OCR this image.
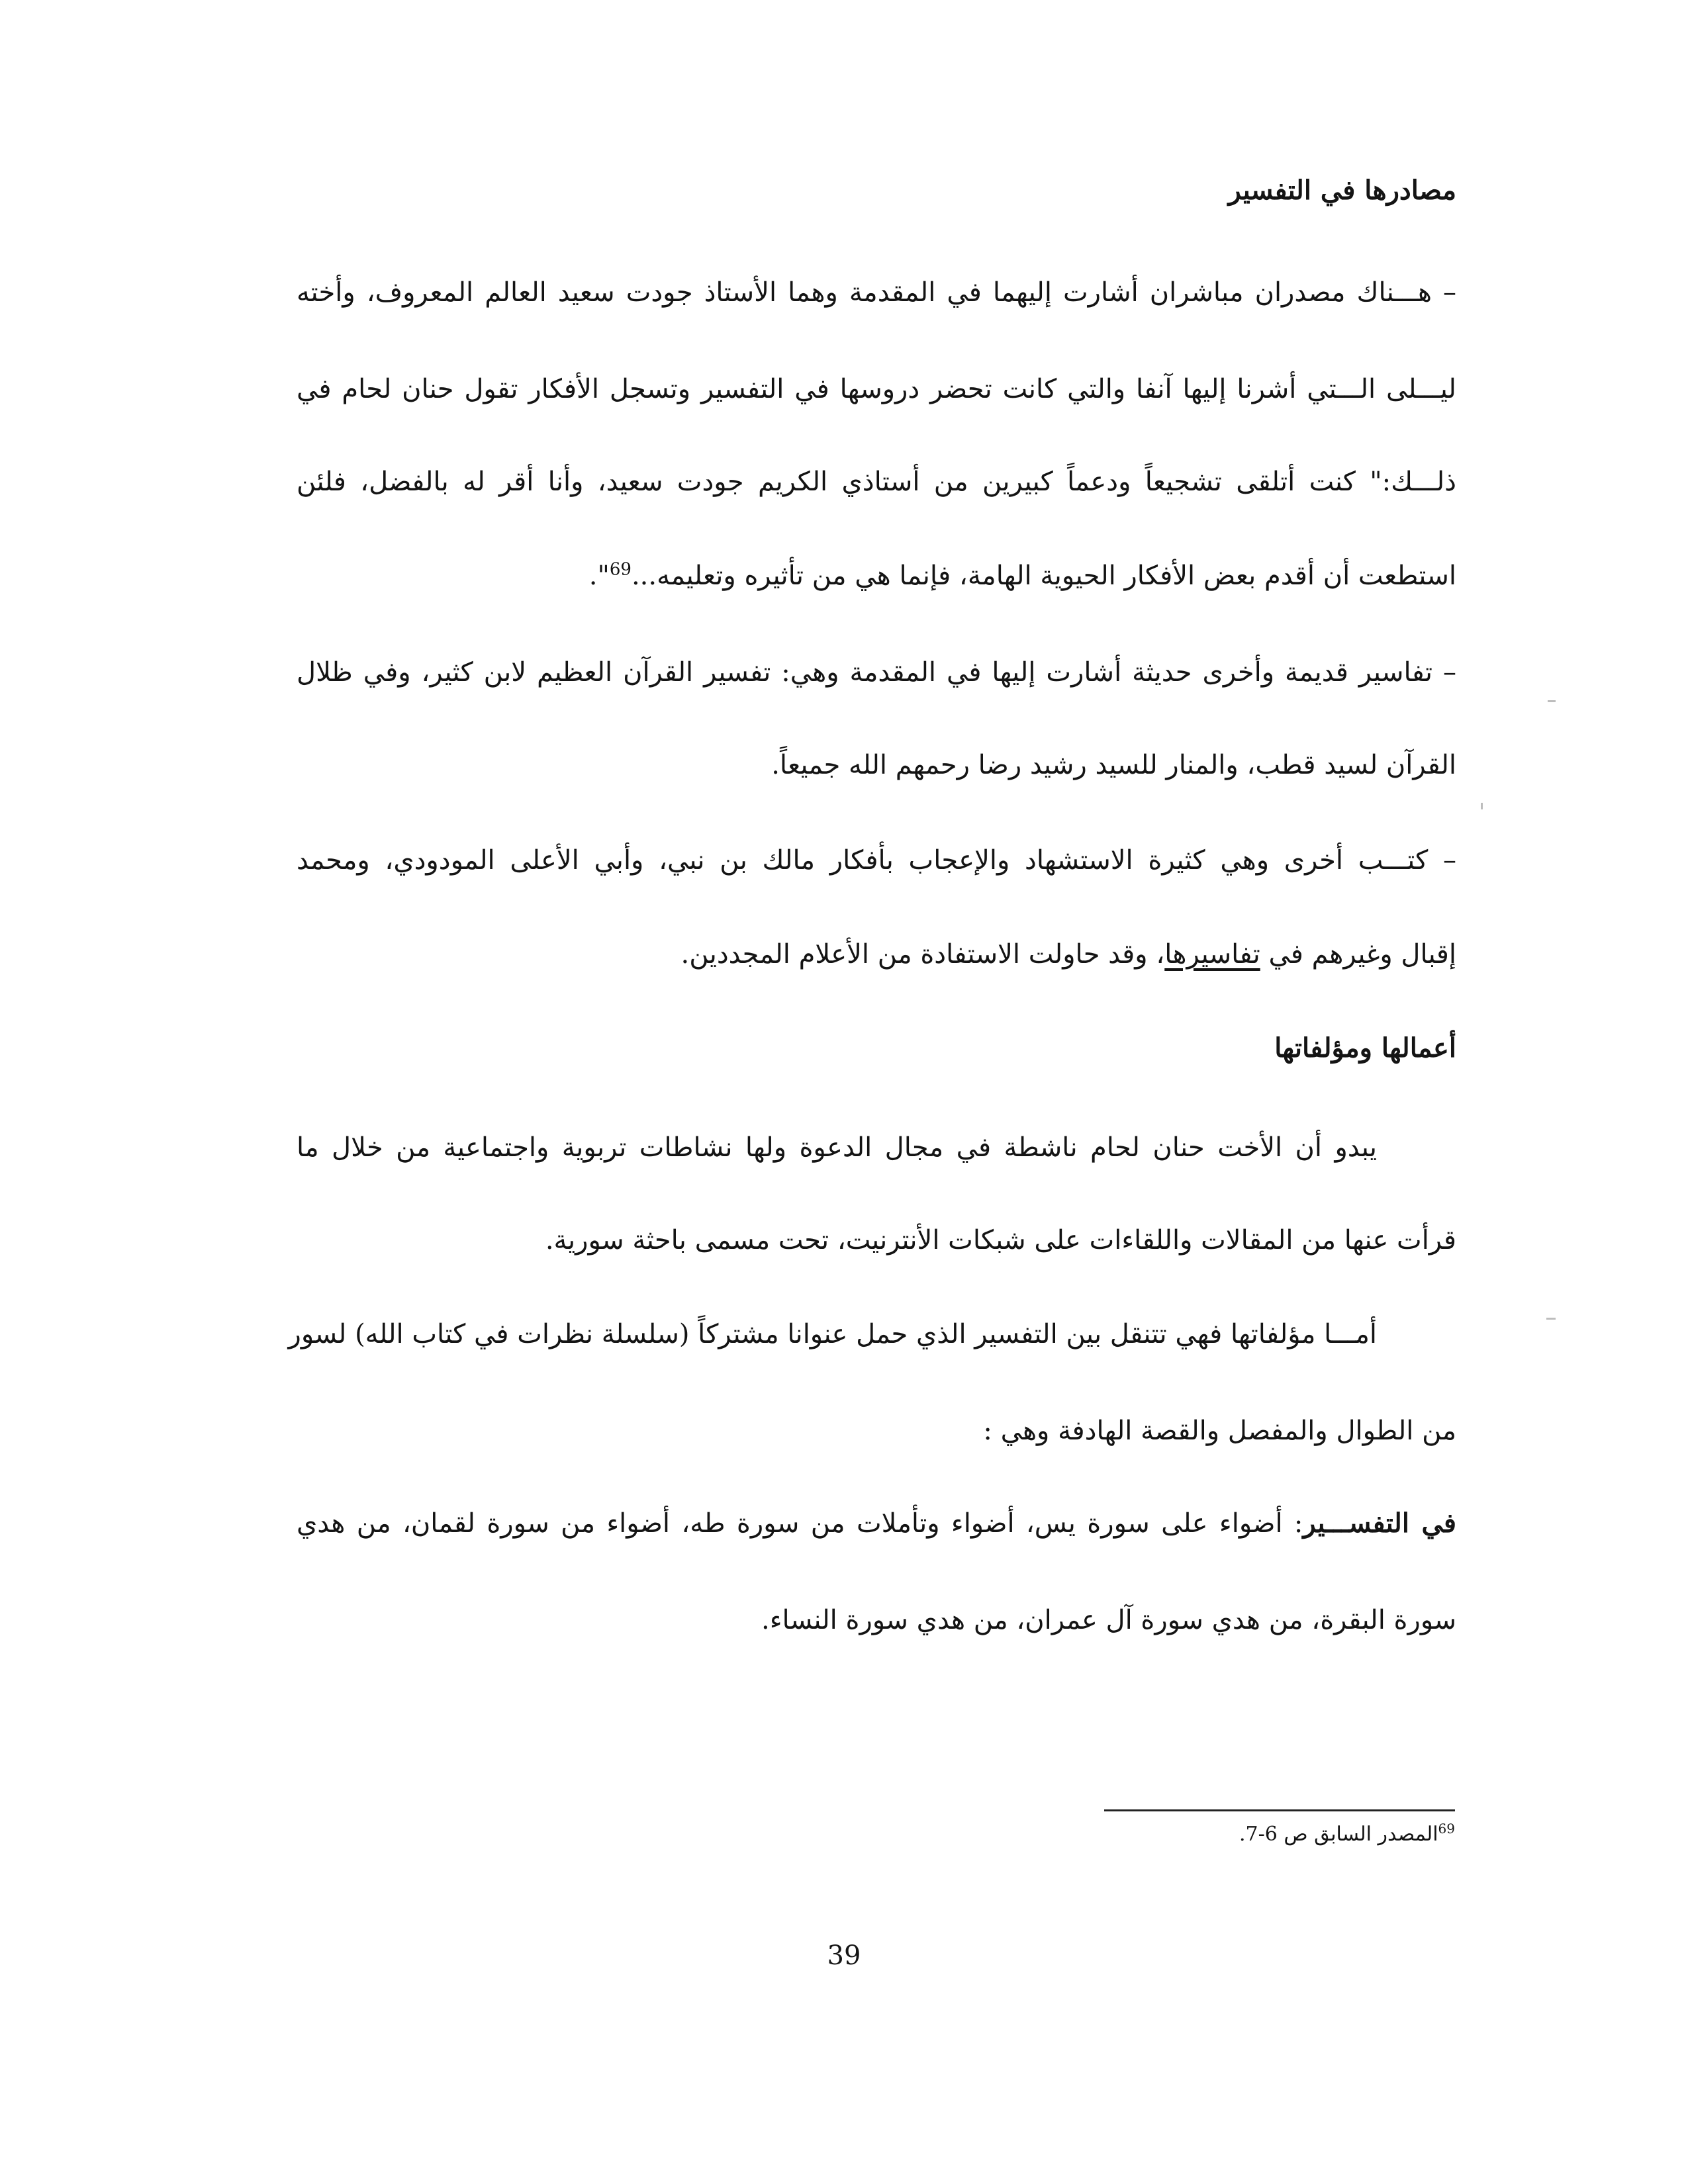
مصادرها في التفسير
– هـــناك مصدران مباشران أشارت إليهما في المقدمة وهما الأستاذ جودت سعيد العالم المعروف، وأخته
ليـــلى الـــتي أشرنا إليها آنفا والتي كانت تحضر دروسها في التفسير وتسجل الأفكار تقول حنان لحام في
ذلـــك:" كنت أتلقى تشجيعاً ودعماً كبيرين من أستاذي الكريم جودت سعيد، وأنا أقر له بالفضل، فلئن
استطعت أن أقدم بعض الأفكار الحيوية الهامة، فإنما هي من تأثيره وتعليمه...$^{69}$".
– تفاسير قديمة وأخرى حديثة أشارت إليها في المقدمة وهي: تفسير القرآن العظيم لابن كثير، وفي ظلال
القرآن لسيد قطب، والمنار للسيد رشيد رضا رحمهم الله جميعاً.
– كتـــب أخرى وهي كثيرة الاستشهاد والإعجاب بأفكار مالك بن نبي، وأبي الأعلى المودودي، ومحمد
إقبال وغيرهم في تفاسيرها، وقد حاولت الاستفادة من الأعلام المجددين.
أعمالها ومؤلفاتها
يبدو أن الأخت حنان لحام ناشطة في مجال الدعوة ولها نشاطات تربوية واجتماعية من خلال ما
قرأت عنها من المقالات واللقاءات على شبكات الأنترنيت، تحت مسمى باحثة سورية.
أمـــا مؤلفاتها فهي تتنقل بين التفسير الذي حمل عنوانا مشتركاً (سلسلة نظرات في كتاب الله) لسور
من الطوال والمفصل والقصة الهادفة وهي :
في التفســـير: أضواء على سورة يس، أضواء وتأملات من سورة طه، أضواء من سورة لقمان، من هدي
سورة البقرة، من هدي سورة آل عمران، من هدي سورة النساء.
$^{69}$المصدر السابق ص 6-7.
39
